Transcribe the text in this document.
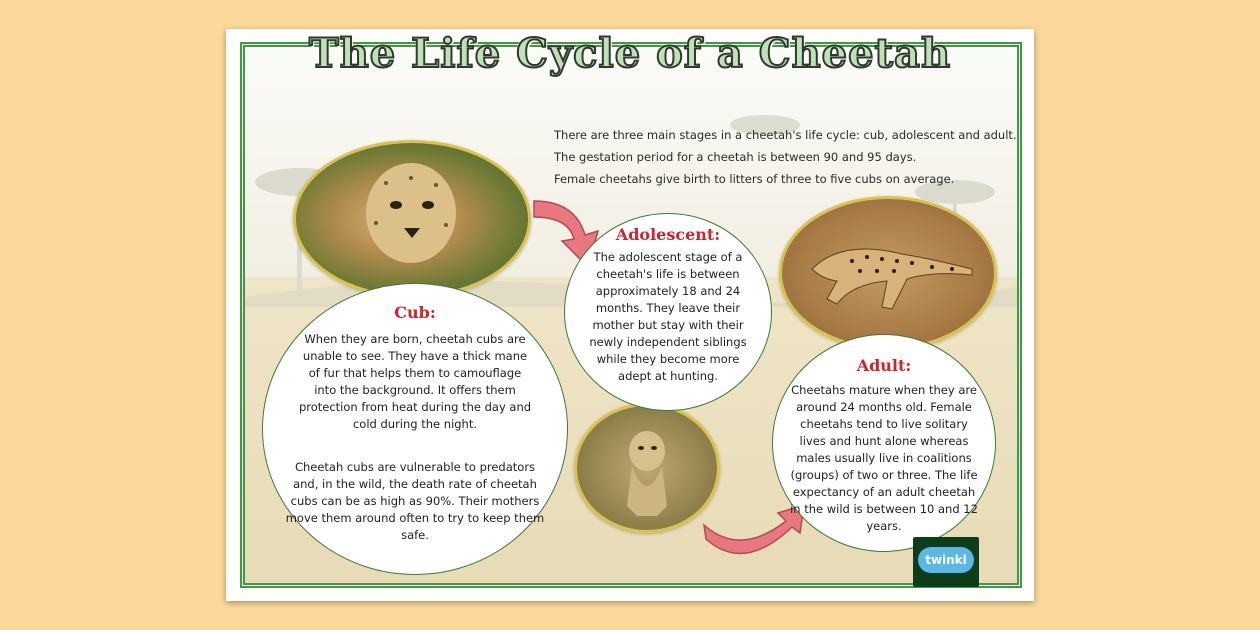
The Life Cycle of a Cheetah
There are three main stages in a cheetah's life cycle: cub, adolescent and adult.
The gestation period for a cheetah is between 90 and 95 days.
Female cheetahs give birth to litters of three to five cubs on average.
Cub:
When they are born, cheetah cubs are unable to see. They have a thick mane of fur that helps them to camouflage into the background. It offers them protection from heat during the day and cold during the night.
Cheetah cubs are vulnerable to predators and, in the wild, the death rate of cheetah cubs can be as high as 90%. Their mothers move them around often to try to keep them safe.
Adolescent:
The adolescent stage of a cheetah's life is between approximately 18 and 24 months. They leave their mother but stay with their newly independent siblings while they become more adept at hunting.
Adult:
Cheetahs mature when they are around 24 months old. Female cheetahs tend to live solitary lives and hunt alone whereas males usually live in coalitions (groups) of two or three. The life expectancy of an adult cheetah in the wild is between 10 and 12 years.
twinkl
